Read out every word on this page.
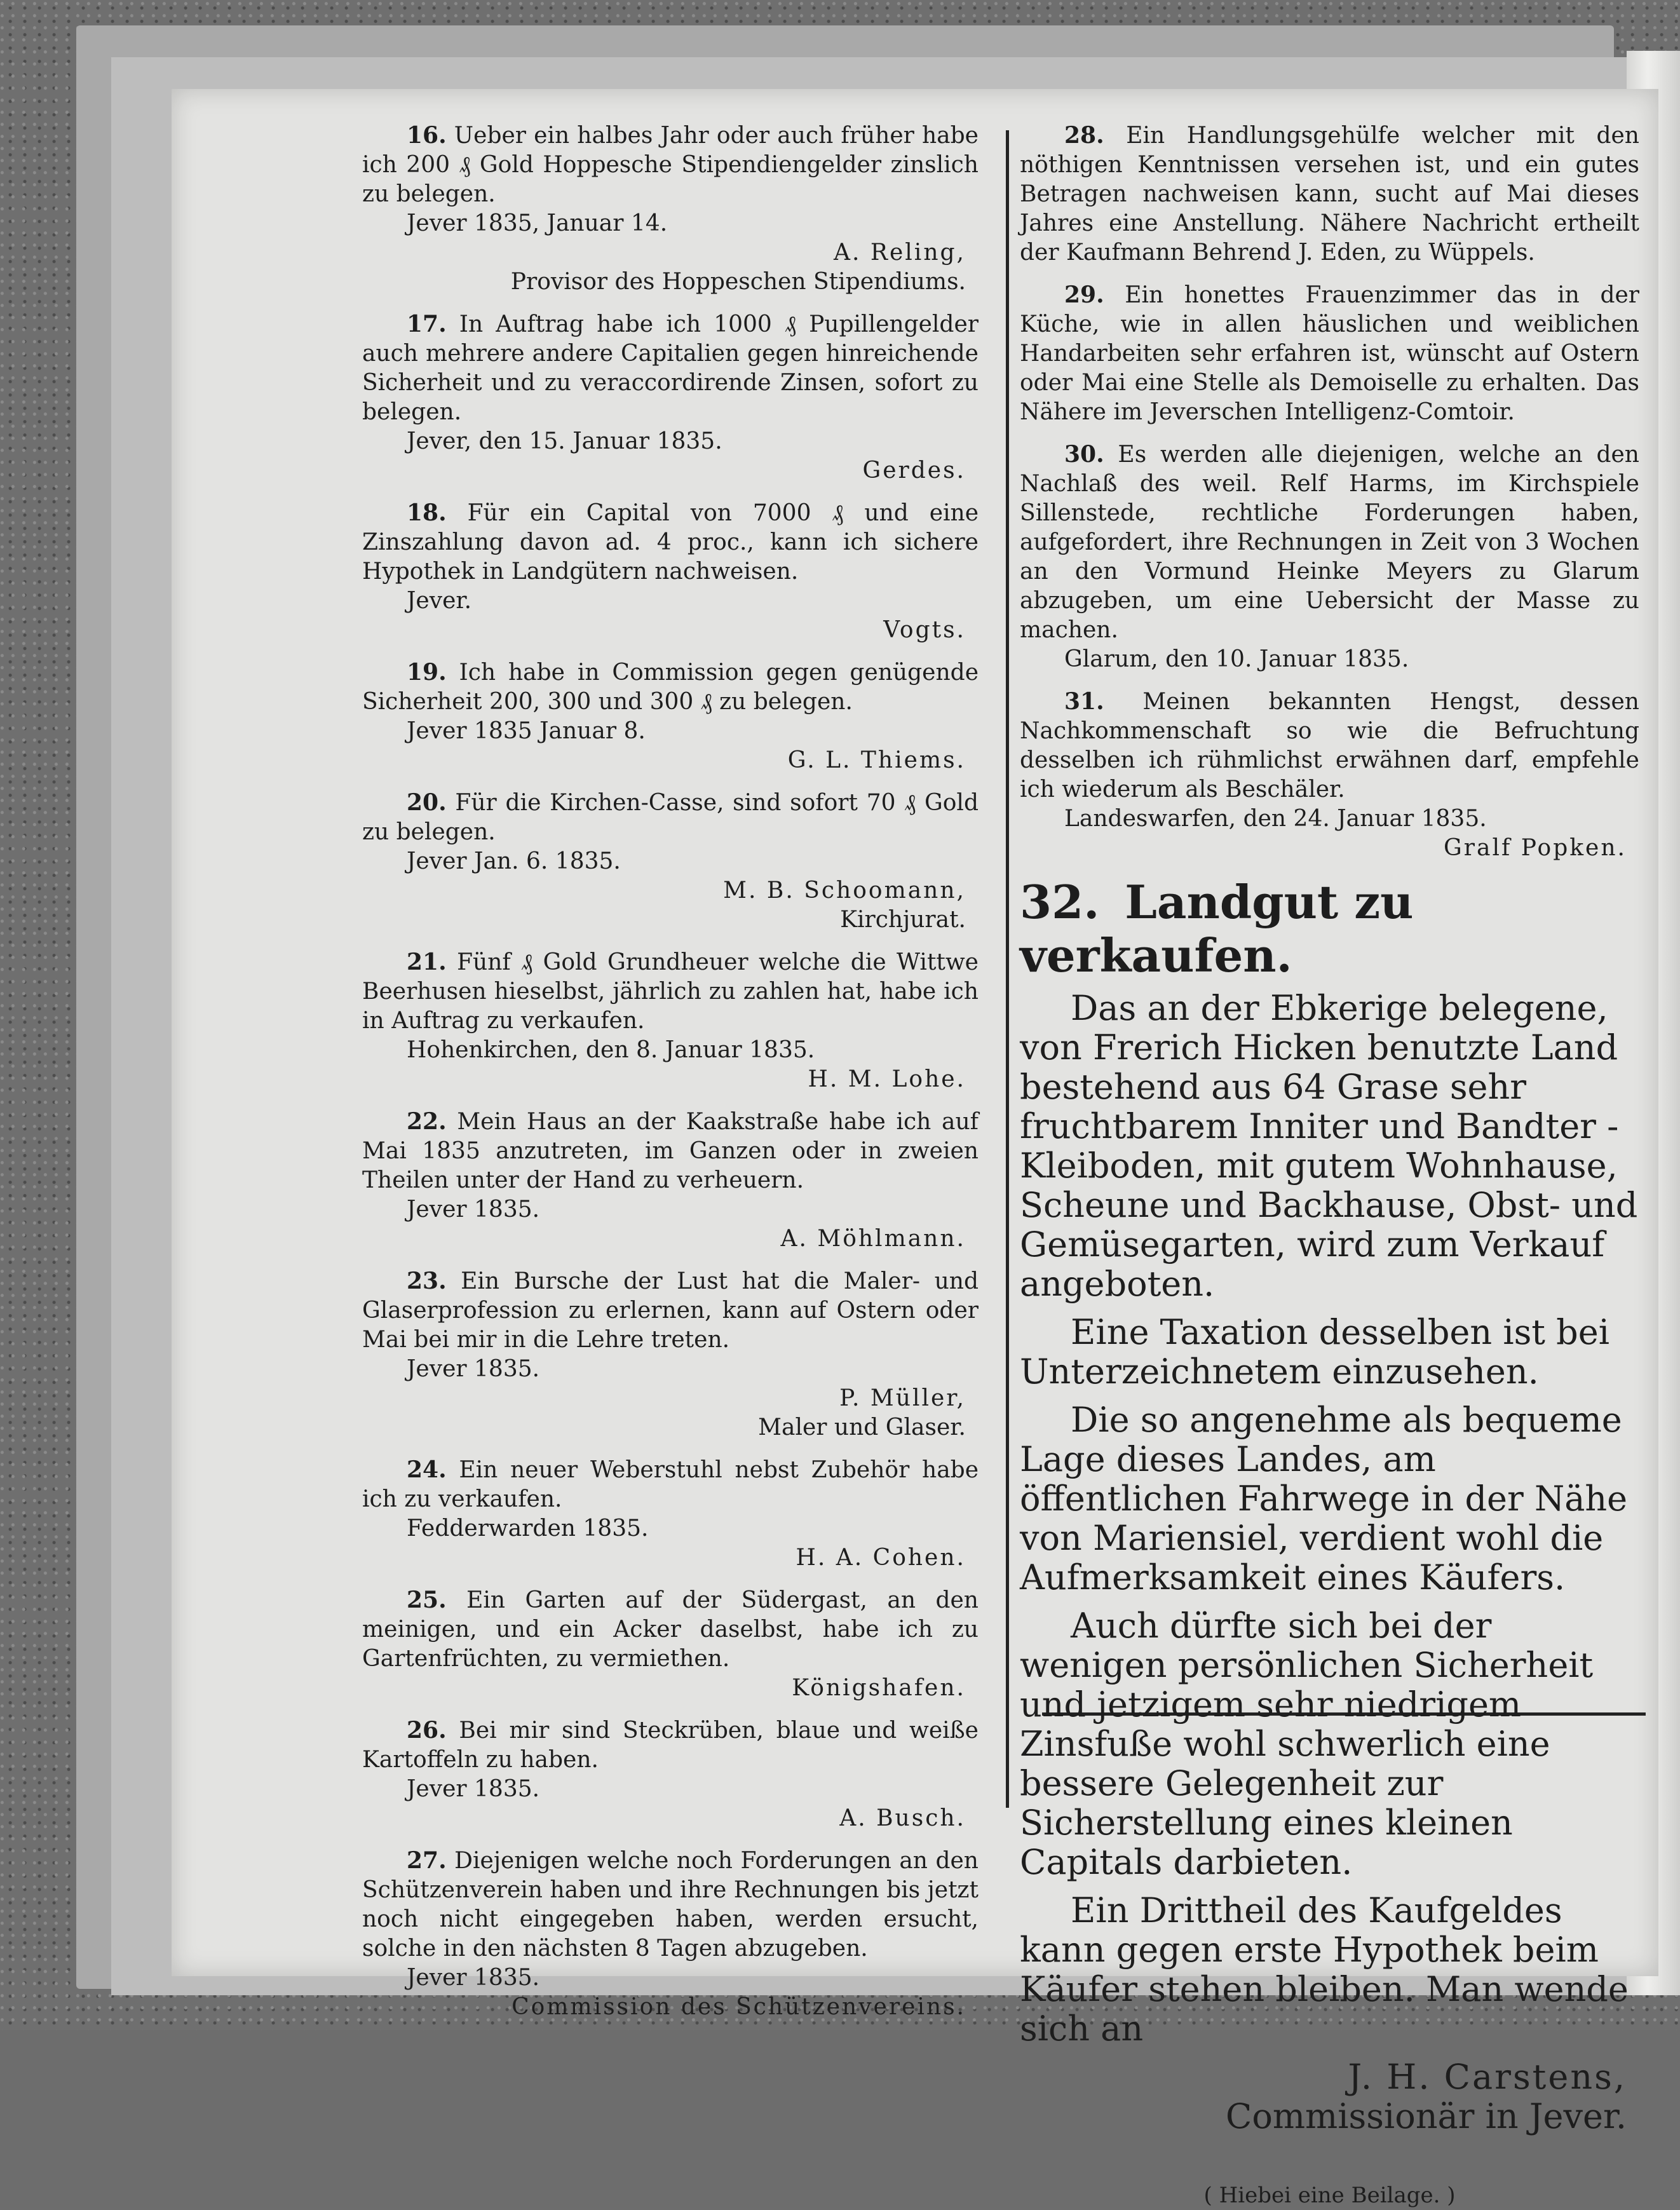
16. Ueber ein halbes Jahr oder auch früher habe ich 200 ₰ Gold Hoppesche Stipendiengelder zinslich zu belegen.

Jever 1835, Januar 14.
A. Reling,
Provisor des Hoppeschen Stipendiums.

17. In Auftrag habe ich 1000 ₰ Pupillengelder auch mehrere andere Capitalien gegen hinreichende Sicherheit und zu veraccordirende Zinsen, sofort zu belegen.

Jever, den 15. Januar 1835.
Gerdes.

18. Für ein Capital von 7000 ₰ und eine Zinszahlung davon ad. 4 proc., kann ich sichere Hypothek in Landgütern nachweisen.

Jever.
Vogts.

19. Ich habe in Commission gegen genügende Sicherheit 200, 300 und 300 ₰ zu belegen.

Jever 1835 Januar 8.
G. L. Thiems.

20. Für die Kirchen-Casse, sind sofort 70 ₰ Gold zu belegen.

Jever Jan. 6. 1835.
M. B. Schoomann,
Kirchjurat.

21. Fünf ₰ Gold Grundheuer welche die Wittwe Beerhusen hieselbst, jährlich zu zahlen hat, habe ich in Auftrag zu verkaufen.

Hohenkirchen, den 8. Januar 1835.
H. M. Lohe.

22. Mein Haus an der Kaakstraße habe ich auf Mai 1835 anzutreten, im Ganzen oder in zweien Theilen unter der Hand zu verheuern.

Jever 1835.
A. Möhlmann.

23. Ein Bursche der Lust hat die Maler- und Glaserprofession zu erlernen, kann auf Ostern oder Mai bei mir in die Lehre treten.

Jever 1835.
P. Müller,
Maler und Glaser.

24. Ein neuer Weberstuhl nebst Zubehör habe ich zu verkaufen.

Fedderwarden 1835.
H. A. Cohen.

25. Ein Garten auf der Südergast, an den meinigen, und ein Acker daselbst, habe ich zu Gartenfrüchten, zu vermiethen.

Königshafen.

26. Bei mir sind Steckrüben, blaue und weiße Kartoffeln zu haben.

Jever 1835.
A. Busch.

27. Diejenigen welche noch Forderungen an den Schützenverein haben und ihre Rechnungen bis jetzt noch nicht eingegeben haben, werden ersucht, solche in den nächsten 8 Tagen abzugeben.

Jever 1835.
Commission des Schützenvereins.

28. Ein Handlungsgehülfe welcher mit den nöthigen Kenntnissen versehen ist, und ein gutes Betragen nachweisen kann, sucht auf Mai dieses Jahres eine Anstellung. Nähere Nachricht ertheilt der Kaufmann Behrend J. Eden, zu Wüppels.

29. Ein honettes Frauenzimmer das in der Küche, wie in allen häuslichen und weiblichen Handarbeiten sehr erfahren ist, wünscht auf Ostern oder Mai eine Stelle als Demoiselle zu erhalten. Das Nähere im Jeverschen Intelligenz-Comtoir.

30. Es werden alle diejenigen, welche an den Nachlaß des weil. Relf Harms, im Kirchspiele Sillenstede, rechtliche Forderungen haben, aufgefordert, ihre Rechnungen in Zeit von 3 Wochen an den Vormund Heinke Meyers zu Glarum abzugeben, um eine Uebersicht der Masse zu machen.

Glarum, den 10. Januar 1835.

31. Meinen bekannten Hengst, dessen Nachkommenschaft so wie die Befruchtung desselben ich rühmlichst erwähnen darf, empfehle ich wiederum als Beschäler.

Landeswarfen, den 24. Januar 1835.
Gralf Popken.
32. Landgut zu verkaufen.

Das an der Ebkerige belegene, von Frerich Hicken benutzte Land bestehend aus 64 Grase sehr fruchtbarem Inniter und Bandter - Kleiboden, mit gutem Wohnhause, Scheune und Backhause, Obst- und Gemüsegarten, wird zum Verkauf angeboten.

Eine Taxation desselben ist bei Unterzeichnetem einzusehen.

Die so angenehme als bequeme Lage dieses Landes, am öffentlichen Fahrwege in der Nähe von Mariensiel, verdient wohl die Aufmerksamkeit eines Käufers.

Auch dürfte sich bei der wenigen persönlichen Sicherheit und jetzigem sehr niedrigem Zinsfuße wohl schwerlich eine bessere Gelegenheit zur Sicherstellung eines kleinen Capitals darbieten.

Ein Drittheil des Kaufgeldes kann gegen erste Hypothek beim Käufer stehen bleiben. Man wende sich an

J. H. Carstens,
Commissionär in Jever.
( Hiebei eine Beilage. )
